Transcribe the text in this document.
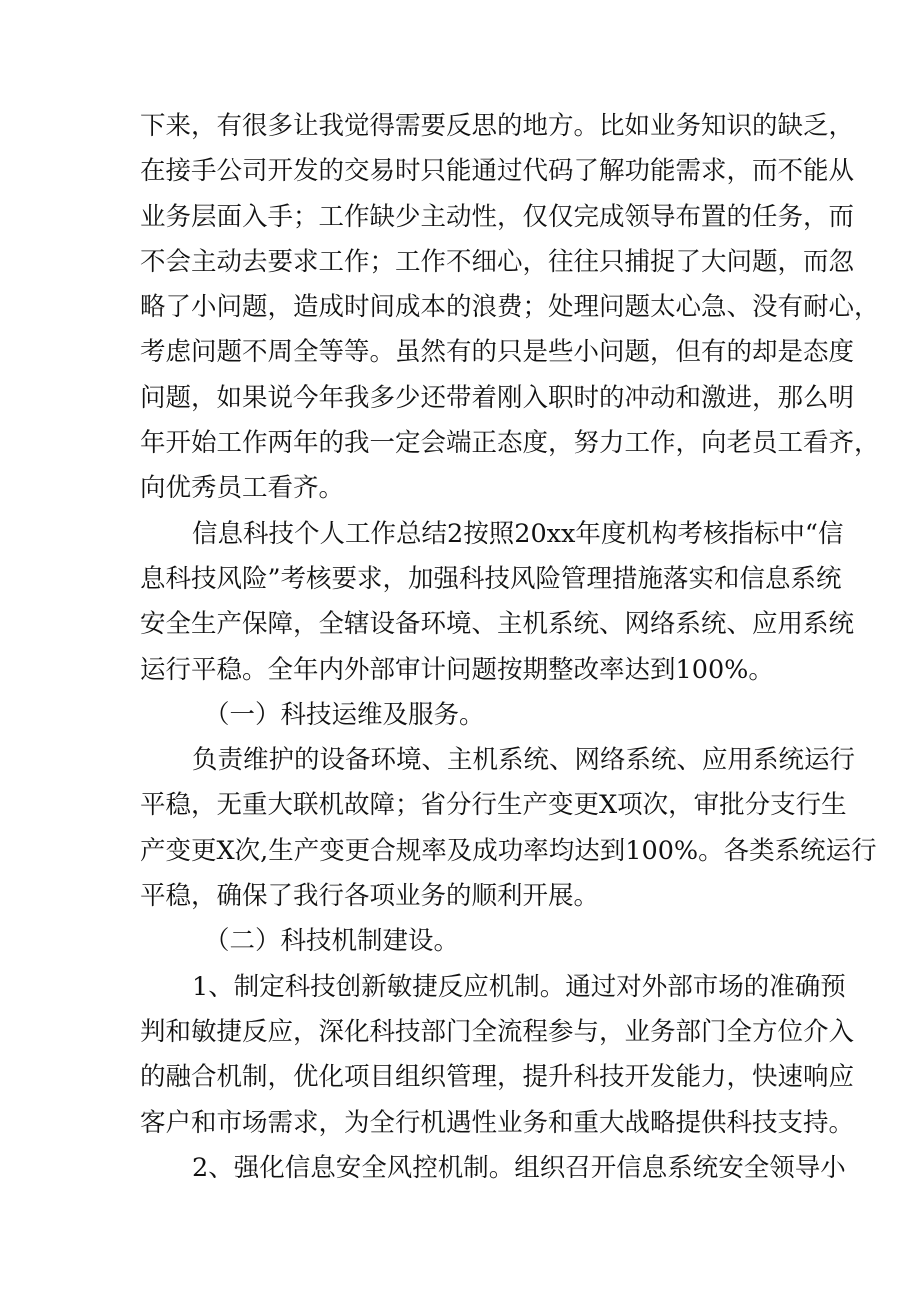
下来，有很多让我觉得需要反思的地方。比如业务知识的缺乏，
在接手公司开发的交易时只能通过代码了解功能需求，而不能从
业务层面入手；工作缺少主动性，仅仅完成领导布置的任务，而
不会主动去要求工作；工作不细心，往往只捕捉了大问题，而忽
略了小问题，造成时间成本的浪费；处理问题太心急、没有耐心，
考虑问题不周全等等。虽然有的只是些小问题，但有的却是态度
问题，如果说今年我多少还带着刚入职时的冲动和激进，那么明
年开始工作两年的我一定会端正态度，努力工作，向老员工看齐，
向优秀员工看齐。
信息科技个人工作总结2按照20xx年度机构考核指标中“信
息科技风险”考核要求，加强科技风险管理措施落实和信息系统
安全生产保障，全辖设备环境、主机系统、网络系统、应用系统
运行平稳。全年内外部审计问题按期整改率达到100%。
（一）科技运维及服务。
负责维护的设备环境、主机系统、网络系统、应用系统运行
平稳，无重大联机故障；省分行生产变更X项次，审批分支行生
产变更X次,生产变更合规率及成功率均达到100%。各类系统运行
平稳，确保了我行各项业务的顺利开展。
（二）科技机制建设。
1、制定科技创新敏捷反应机制。通过对外部市场的准确预
判和敏捷反应，深化科技部门全流程参与，业务部门全方位介入
的融合机制，优化项目组织管理，提升科技开发能力，快速响应
客户和市场需求，为全行机遇性业务和重大战略提供科技支持。
2、强化信息安全风控机制。组织召开信息系统安全领导小
